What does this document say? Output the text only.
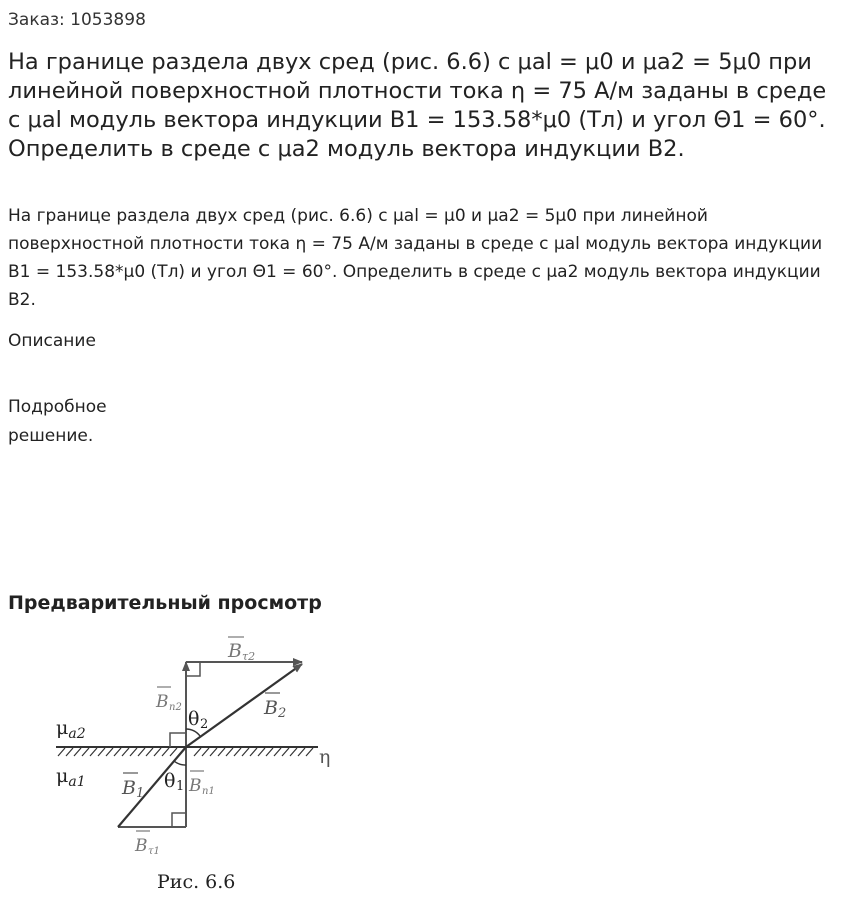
Заказ: 1053898
На границе раздела двух сред (рис. 6.6) с μal = μ0 и μa2 = 5μ0 при линейной поверхностной плотности тока η = 75 А/м заданы в среде с μal модуль вектора индукции B1 = 153.58*μ0 (Тл) и угол Θ1 = 60°. Определить в среде с μa2 модуль вектора индукции B2.
На границе раздела двух сред (рис. 6.6) с μal = μ0 и μa2 = 5μ0 при линейной поверхностной плотности тока η = 75 А/м заданы в среде с μal модуль вектора индукции B1 = 153.58*μ0 (Тл) и угол Θ1 = 60°. Определить в среде с μa2 модуль вектора индукции B2.
Описание
Подробное
решение.
Предварительный просмотр
$\mu_{a2}$
$\mu_{a1}$
B τ2
B n2	B 2
θ 2
η
B 1
θ 1 B n1
B τ1
Рис. 6.6
